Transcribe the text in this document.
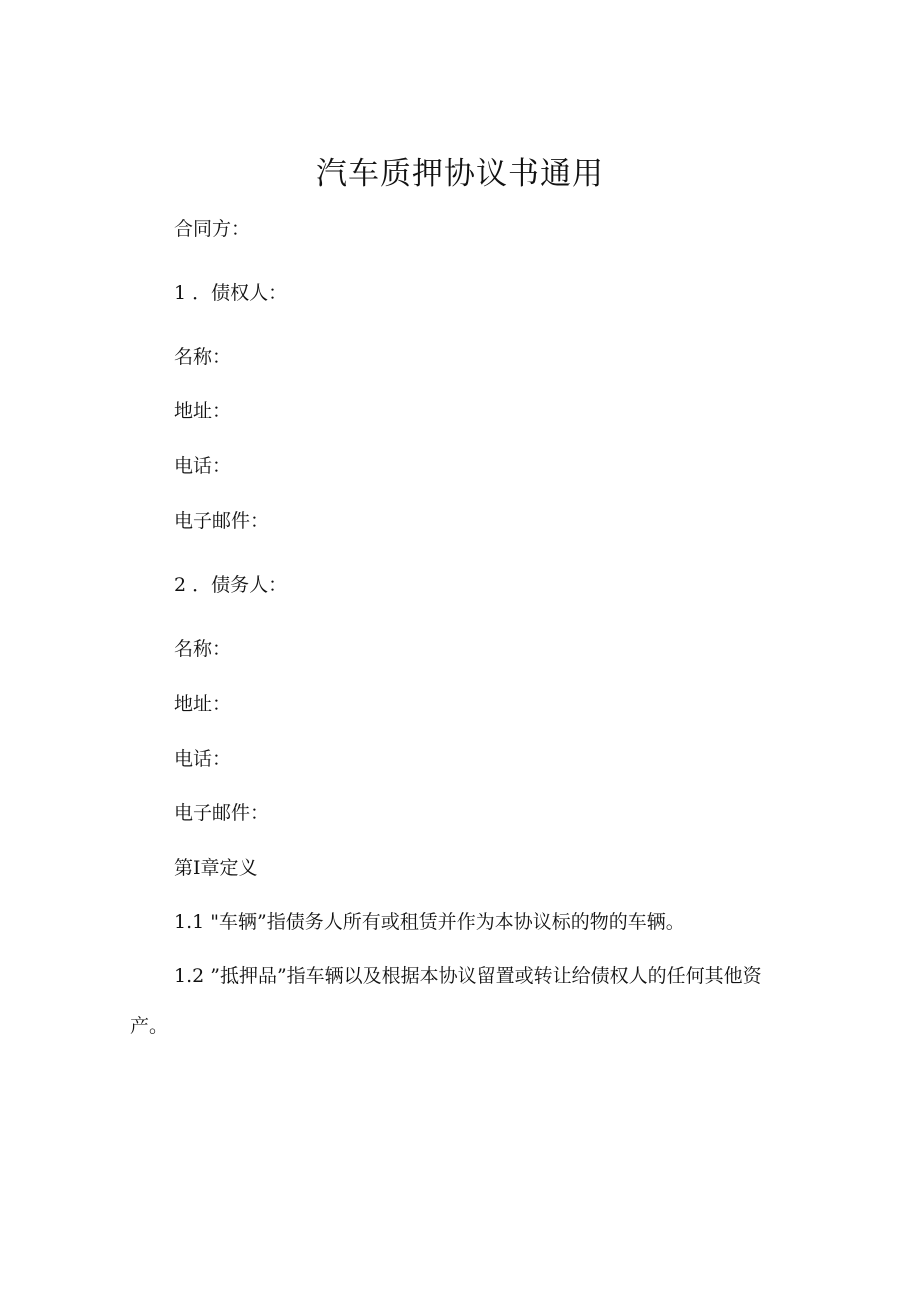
汽车质押协议书通用
合同方：
1 ．债权人：
名称：
地址：
电话：
电子邮件：
2 ．债务人：
名称：
地址：
电话：
电子邮件：
第I章定义
1.1 "车辆”指债务人所有或租赁并作为本协议标的物的车辆。
1.2 ”抵押品”指车辆以及根据本协议留置或转让给债权人的任何其他资产。
